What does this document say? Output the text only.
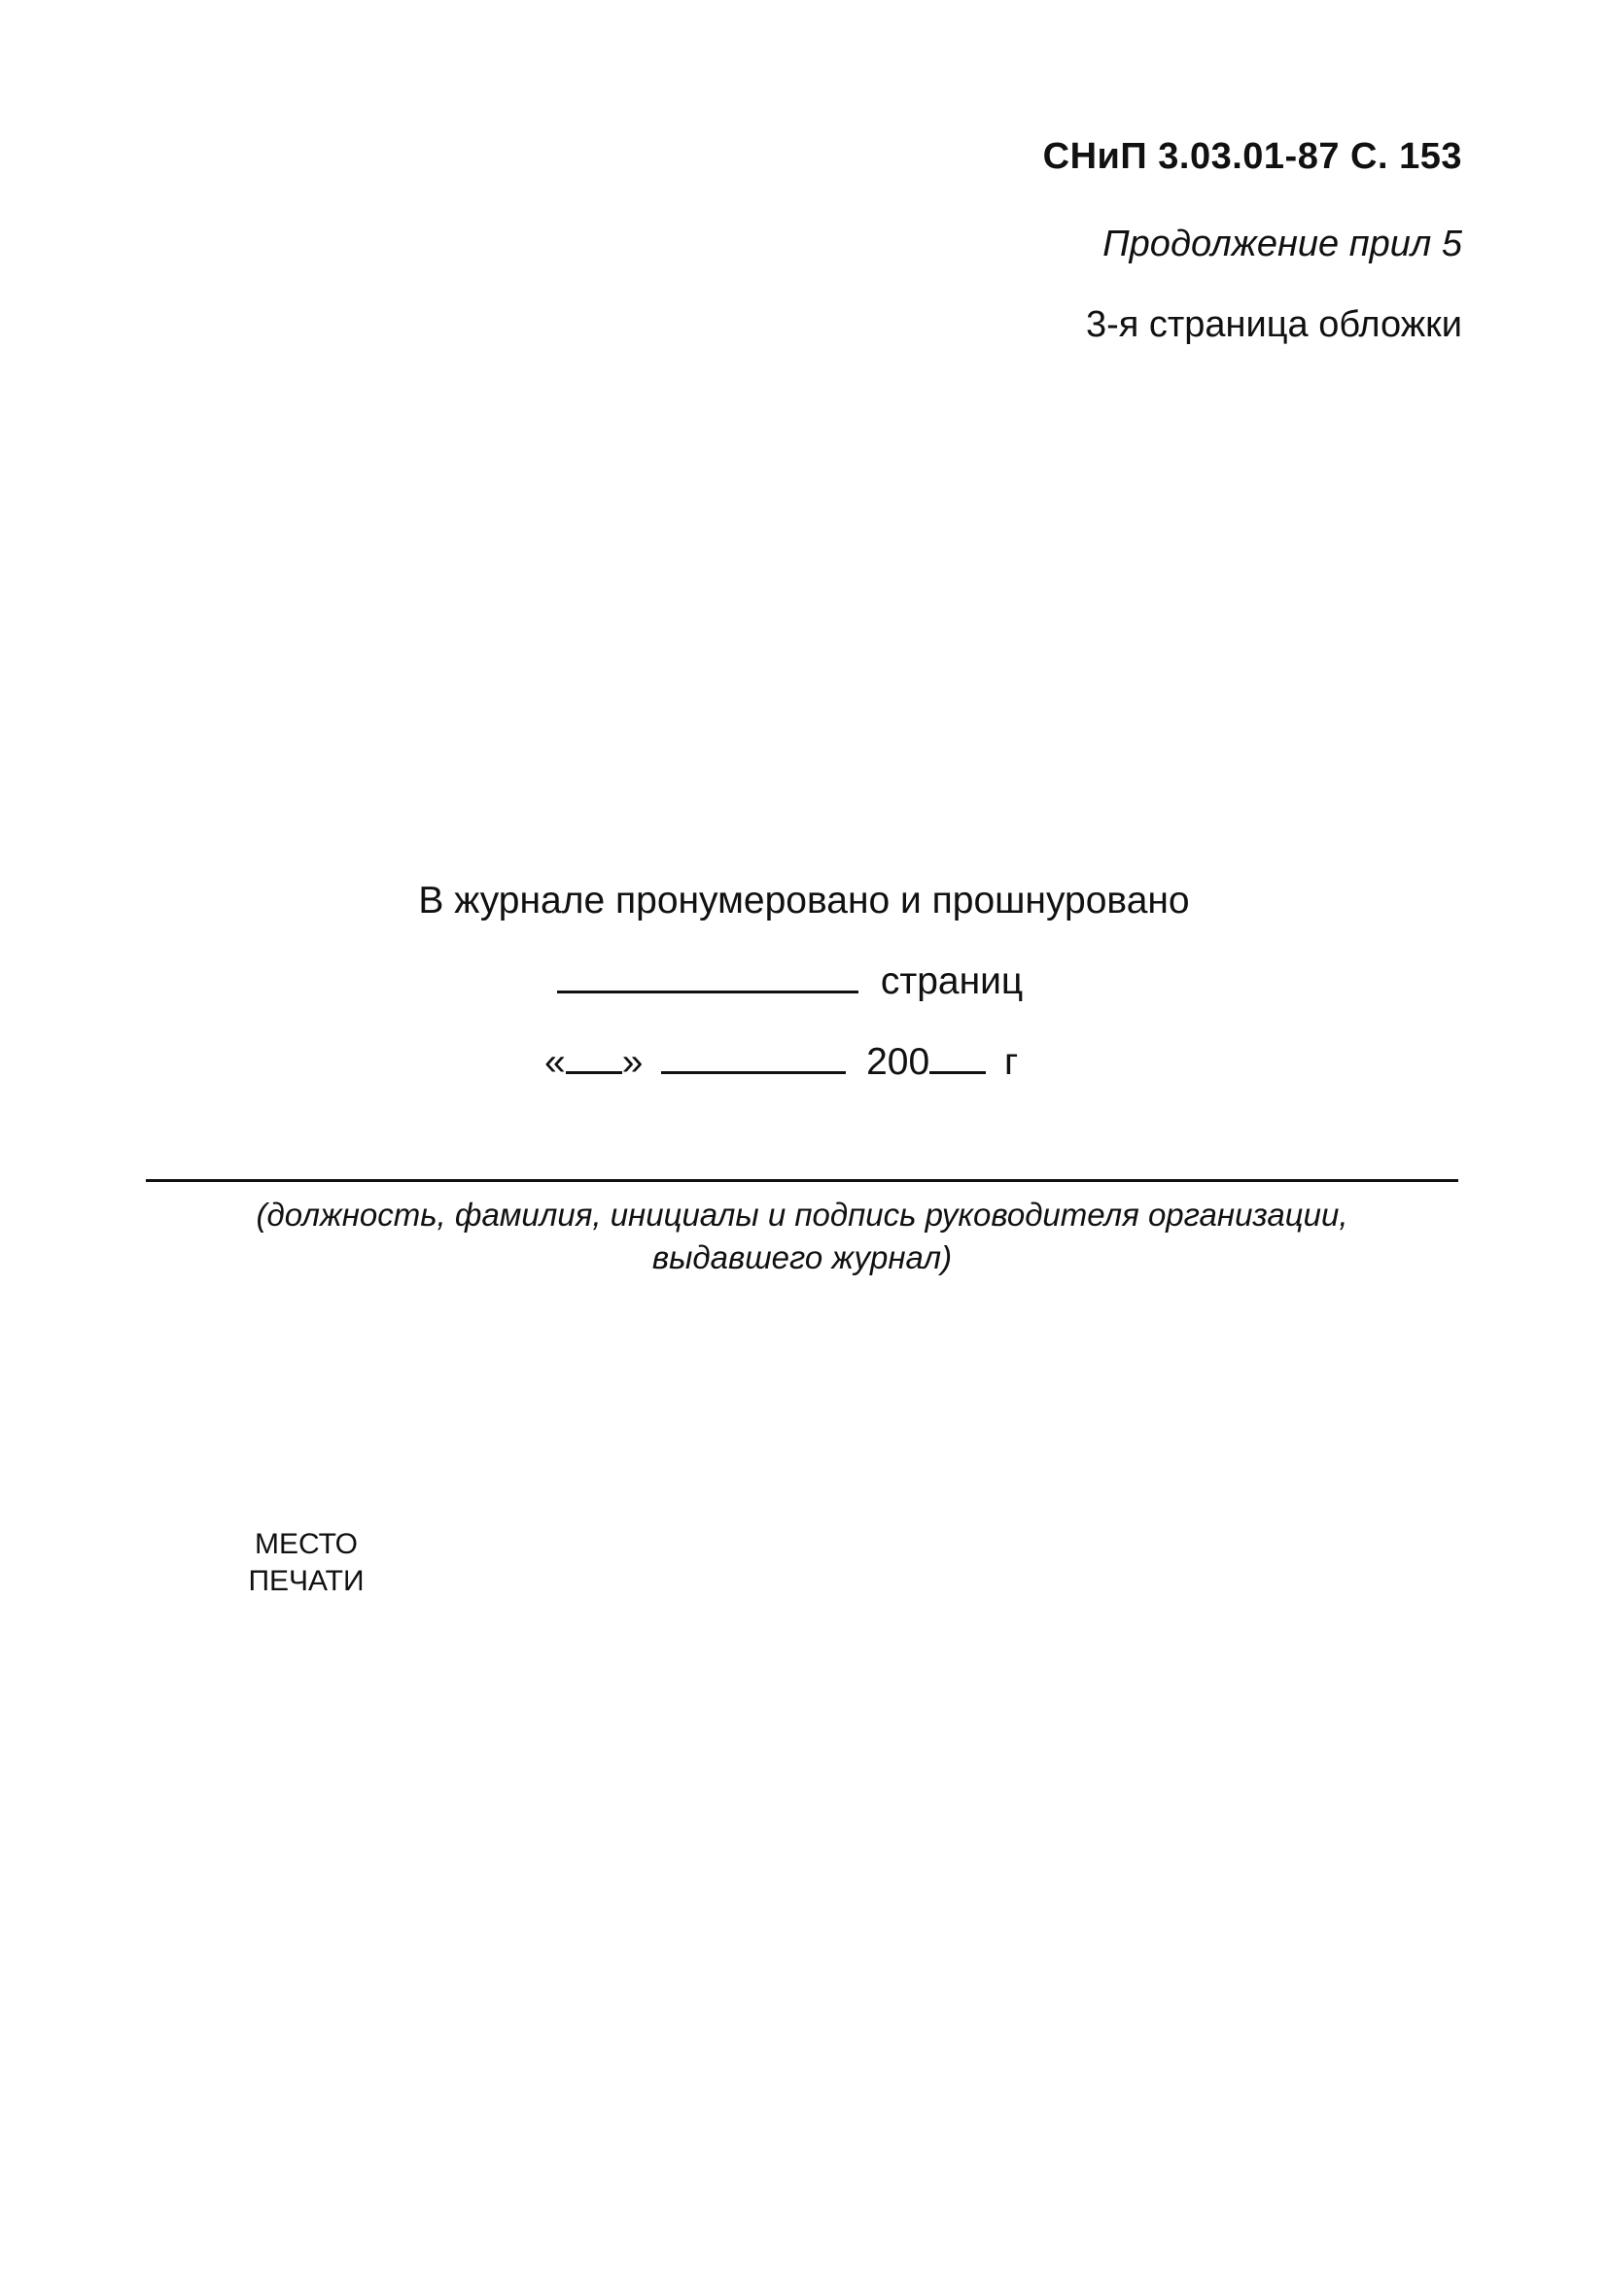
СНиП 3.03.01-87 С. 153
Продолжение прил 5
3-я страница обложки
В журнале пронумеровано и прошнуровано
страниц
« »	200 г
(должность, фамилия, инициалы и подпись руководителя организации,
выдавшего журнал)
МЕСТО
ПЕЧАТИ
